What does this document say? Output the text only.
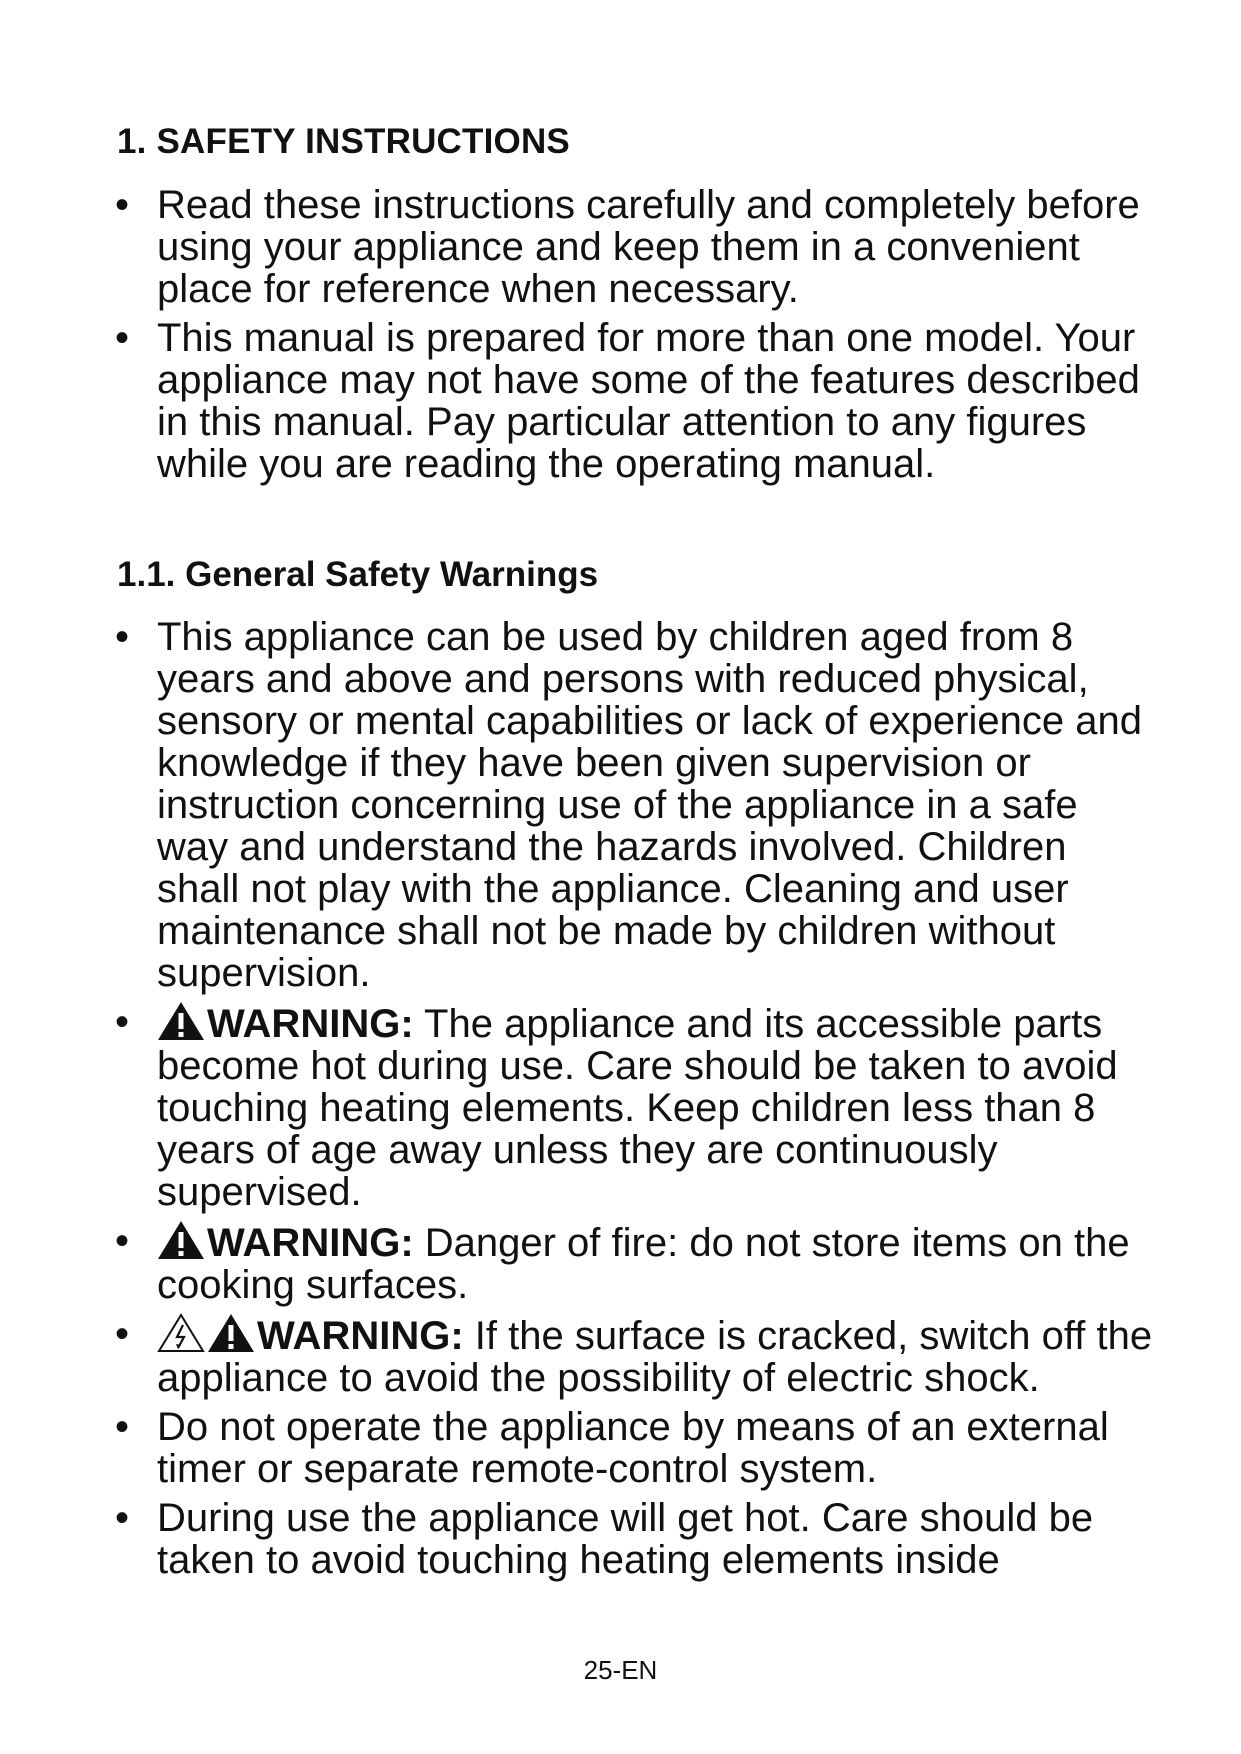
1. SAFETY INSTRUCTIONS
• Read these instructions carefully and completely before using your appliance and keep them in a convenient place for reference when necessary.
• This manual is prepared for more than one model. Your appliance may not have some of the features described in this manual. Pay particular attention to any figures while you are reading the operating manual.
1.1. General Safety Warnings
• This appliance can be used by children aged from 8 years and above and persons with reduced physical, sensory or mental capabilities or lack of experience and knowledge if they have been given supervision or instruction concerning use of the appliance in a safe way and understand the hazards involved. Children shall not play with the appliance. Cleaning and user maintenance shall not be made by children without supervision.
•	WARNING: The appliance and its accessible parts become hot during use. Care should be taken to avoid touching heating elements. Keep children less than 8 years of age away unless they are continuously supervised.
•	WARNING: Danger of fire: do not store items on the cooking surfaces.
•	WARNING: If the surface is cracked, switch off the appliance to avoid the possibility of electric shock.
• Do not operate the appliance by means of an external timer or separate remote-control system.
• During use the appliance will get hot. Care should be taken to avoid touching heating elements inside
25-EN
